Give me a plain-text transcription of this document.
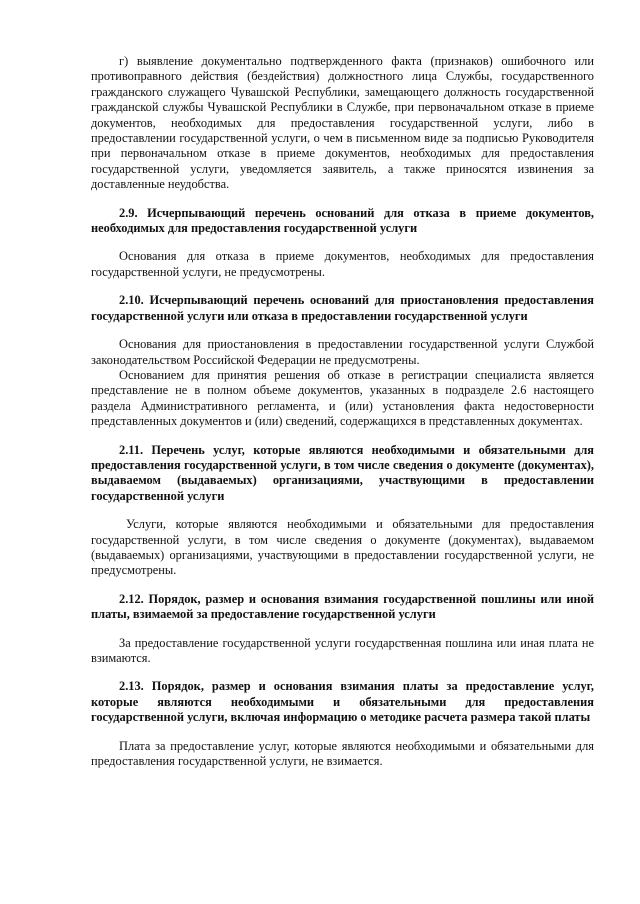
г) выявление документально подтвержденного факта (признаков) ошибочного или противоправного действия (бездействия) должностного лица Службы, государственного гражданского служащего Чувашской Республики, замещающего должность государственной гражданской службы Чувашской Республики в Службе, при первоначальном отказе в приеме документов, необходимых для предоставления государственной услуги, либо в предоставлении государственной услуги, о чем в письменном виде за подписью Руководителя при первоначальном отказе в приеме документов, необходимых для предоставления государственной услуги, уведомляется заявитель, а также приносятся извинения за доставленные неудобства.

2.9. Исчерпывающий перечень оснований для отказа в приеме документов, необходимых для предоставления государственной услуги

Основания для отказа в приеме документов, необходимых для предоставления государственной услуги, не предусмотрены.

2.10. Исчерпывающий перечень оснований для приостановления предоставления государственной услуги или отказа в предоставлении государственной услуги

Основания для приостановления в предоставлении государственной услуги Службой законодательством Российской Федерации не предусмотрены.

Основанием для принятия решения об отказе в регистрации специалиста является представление не в полном объеме документов, указанных в подразделе 2.6 настоящего раздела Административного регламента, и (или) установления факта недостоверности представленных документов и (или) сведений, содержащихся в представленных документах.

2.11. Перечень услуг, которые являются необходимыми и обязательными для предоставления государственной услуги, в том числе сведения о документе (документах), выдаваемом (выдаваемых) организациями, участвующими в предоставлении государственной услуги

Услуги, которые являются необходимыми и обязательными для предоставления государственной услуги, в том числе сведения о документе (документах), выдаваемом (выдаваемых) организациями, участвующими в предоставлении государственной услуги, не предусмотрены.

2.12. Порядок, размер и основания взимания государственной пошлины или иной платы, взимаемой за предоставление государственной услуги

За предоставление государственной услуги государственная пошлина или иная плата не взимаются.

2.13. Порядок, размер и основания взимания платы за предоставление услуг, которые являются необходимыми и обязательными для предоставления государственной услуги, включая информацию о методике расчета размера такой платы

Плата за предоставление услуг, которые являются необходимыми и обязательными для предоставления государственной услуги, не взимается.
